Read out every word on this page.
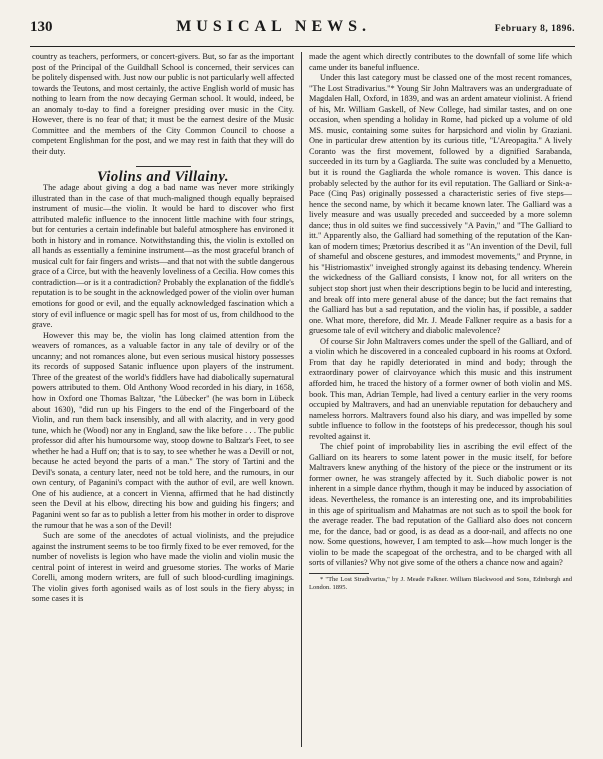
130	MUSICAL NEWS.	February 8, 1896.

country as teachers, performers, or concert-givers. But, so far as the important post of the Principal of the Guildhall School is concerned, their services can be politely dispensed with. Just now our public is not particularly well affected towards the Teutons, and most certainly, the active English world of music has nothing to learn from the now decaying German school. It would, indeed, be an anomaly to-day to find a foreigner presiding over music in the City. However, there is no fear of that; it must be the earnest desire of the Music Committee and the members of the City Common Council to choose a competent Englishman for the post, and we may rest in faith that they will do their duty.

Violins and Villainy.

The adage about giving a dog a bad name was never more strikingly illustrated than in the case of that much-maligned though equally bepraised instrument of music—the violin. It would be hard to discover who first attributed malefic influence to the innocent little machine with four strings, but for centuries a certain indefinable but baleful atmosphere has environed it both in history and in romance. Notwithstanding this, the violin is extolled on all hands as essentially a feminine instrument—as the most graceful branch of musical cult for fair fingers and wrists—and that not with the subtle dangerous grace of a Circe, but with the heavenly loveliness of a Cecilia. How comes this contradiction—or is it a contradiction? Probably the explanation of the fiddle's reputation is to be sought in the acknowledged power of the violin over human emotions for good or evil, and the equally acknowledged fascination which a story of evil influence or magic spell has for most of us, from childhood to the grave.

However this may be, the violin has long claimed attention from the weavers of romances, as a valuable factor in any tale of devilry or of the uncanny; and not romances alone, but even serious musical history possesses its records of supposed Satanic influence upon players of the instrument. Three of the greatest of the world's fiddlers have had diabolically supernatural powers attributed to them. Old Anthony Wood recorded in his diary, in 1658, how in Oxford one Thomas Baltzar, "the Lübecker" (he was born in Lübeck about 1630), "did run up his Fingers to the end of the Fingerboard of the Violin, and run them back insensibly, and all with alacrity, and in very good tune, which he (Wood) nor any in England, saw the like before . . . The public professor did after his humoursome way, stoop downe to Baltzar's Feet, to see whether he had a Huff on; that is to say, to see whether he was a Devill or not, because he acted beyond the parts of a man." The story of Tartini and the Devil's sonata, a century later, need not be told here, and the rumours, in our own century, of Paganini's compact with the author of evil, are well known. One of his audience, at a concert in Vienna, affirmed that he had distinctly seen the Devil at his elbow, directing his bow and guiding his fingers; and Paganini went so far as to publish a letter from his mother in order to disprove the rumour that he was a son of the Devil!

Such are some of the anecdotes of actual violinists, and the prejudice against the instrument seems to be too firmly fixed to be ever removed, for the number of novelists is legion who have made the violin and violin music the central point of interest in weird and gruesome stories. The works of Marie Corelli, among modern writers, are full of such blood-curdling imaginings. The violin gives forth agonised wails as of lost souls in the fiery abyss; in some cases it is

made the agent which directly contributes to the downfall of some life which came under its baneful influence.

Under this last category must be classed one of the most recent romances, "The Lost Stradivarius."* Young Sir John Maltravers was an undergraduate of Magdalen Hall, Oxford, in 1839, and was an ardent amateur violinist. A friend of his, Mr. William Gaskell, of New College, had similar tastes, and on one occasion, when spending a holiday in Rome, had picked up a volume of old MS. music, containing some suites for harpsichord and violin by Graziani. One in particular drew attention by its curious title, "L'Areopagita." A lively Coranto was the first movement, followed by a dignified Sarabanda, succeeded in its turn by a Gagliarda. The suite was concluded by a Menuetto, but it is round the Gagliarda the whole romance is woven. This dance is probably selected by the author for its evil reputation. The Galliard or Sink-a-Pace (Cinq Pas) originally possessed a characteristic series of five steps—hence the second name, by which it became known later. The Galliard was a lively measure and was usually preceded and succeeded by a more solemn dance; thus in old suites we find successively "A Pavin," and "The Galliard to itt." Apparently also, the Galliard had something of the reputation of the Kan-kan of modern times; Prætorius described it as "An invention of the Devil, full of shameful and obscene gestures, and immodest movements," and Prynne, in his "Histriomastix" inveighed strongly against its debasing tendency. Wherein the wickedness of the Galliard consists, I know not, for all writers on the subject stop short just when their descriptions begin to be lucid and interesting, and break off into mere general abuse of the dance; but the fact remains that the Galliard has but a sad reputation, and the violin has, if possible, a sadder one. What more, therefore, did Mr. J. Meade Falkner require as a basis for a gruesome tale of evil witchery and diabolic malevolence?

Of course Sir John Maltravers comes under the spell of the Galliard, and of a violin which he discovered in a concealed cupboard in his rooms at Oxford. From that day he rapidly deteriorated in mind and body; through the extraordinary power of clairvoyance which this music and this instrument afforded him, he traced the history of a former owner of both violin and MS. book. This man, Adrian Temple, had lived a century earlier in the very rooms occupied by Maltravers, and had an unenviable reputation for debauchery and nameless horrors. Maltravers found also his diary, and was impelled by some subtle influence to follow in the footsteps of his predecessor, though his soul revolted against it.

The chief point of improbability lies in ascribing the evil effect of the Galliard on its hearers to some latent power in the music itself, for before Maltravers knew anything of the history of the piece or the instrument or its former owner, he was strangely affected by it. Such diabolic power is not inherent in a simple dance rhythm, though it may be induced by association of ideas. Nevertheless, the romance is an interesting one, and its improbabilities in this age of spiritualism and Mahatmas are not such as to spoil the book for the average reader. The bad reputation of the Galliard also does not concern me, for the dance, bad or good, is as dead as a door-nail, and affects no one now. Some questions, however, I am tempted to ask—how much longer is the violin to be made the scapegoat of the orchestra, and to be charged with all sorts of villanies? Why not give some of the others a chance now and again?

* "The Lost Stradivarius," by J. Meade Falkner. William Blackwood and Sons, Edinburgh and London. 1895.
